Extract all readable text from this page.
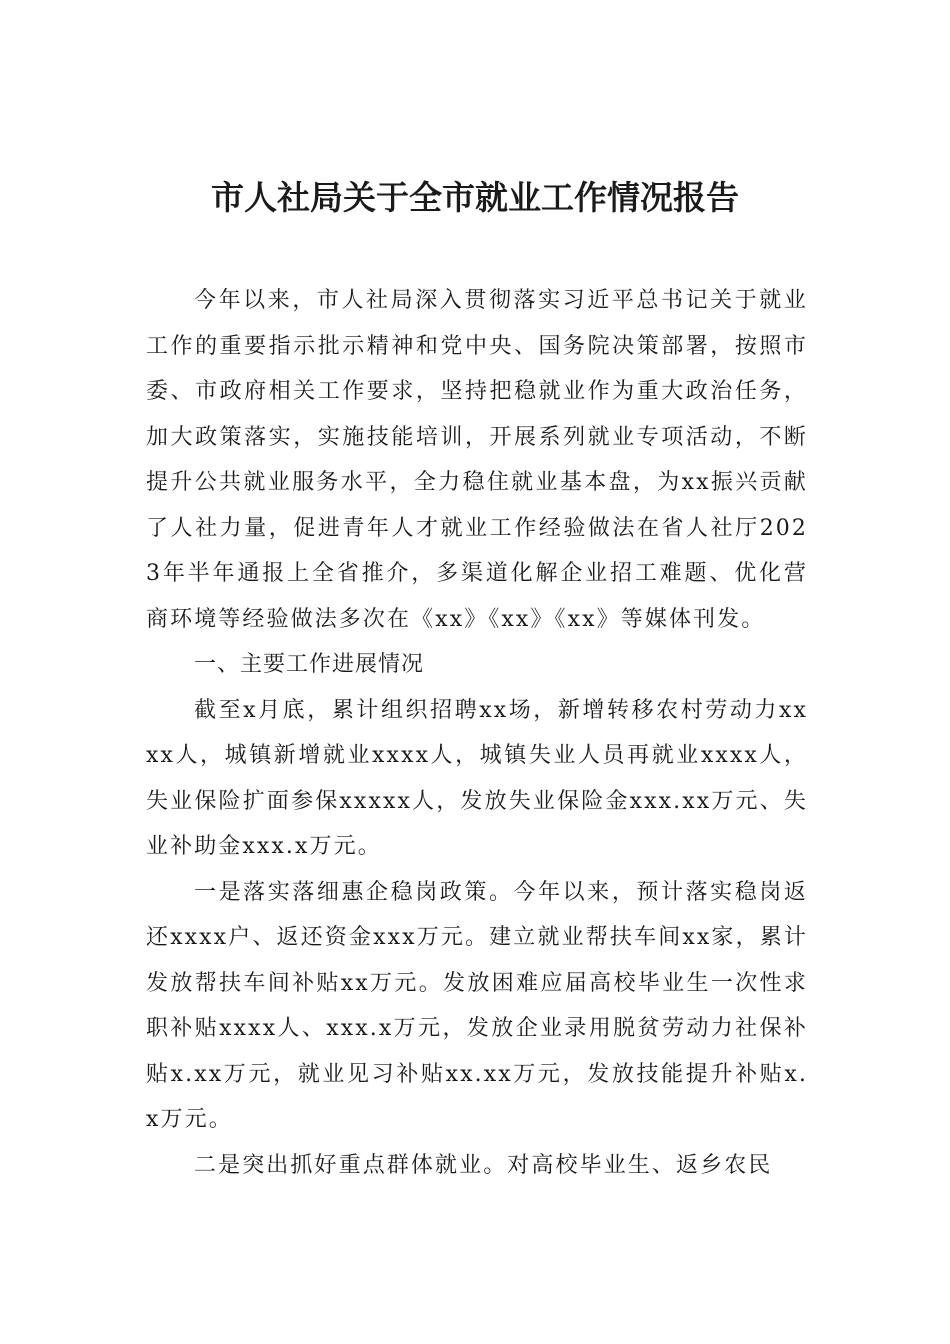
市人社局关于全市就业工作情况报告

今年以来，市人社局深入贯彻落实习近平总书记关于就业工作的重要指示批示精神和党中央、国务院决策部署，按照市委、市政府相关工作要求，坚持把稳就业作为重大政治任务，加大政策落实，实施技能培训，开展系列就业专项活动，不断提升公共就业服务水平，全力稳住就业基本盘，为xx振兴贡献了人社力量，促进青年人才就业工作经验做法在省人社厅2023年半年通报上全省推介，多渠道化解企业招工难题、优化营商环境等经验做法多次在《xx》《xx》《xx》等媒体刊发。

一、主要工作进展情况

截至x月底，累计组织招聘xx场，新增转移农村劳动力xxxx人，城镇新增就业xxxx人，城镇失业人员再就业xxxx人，失业保险扩面参保xxxxx人，发放失业保险金xxx.xx万元、失业补助金xxx.x万元。

一是落实落细惠企稳岗政策。今年以来，预计落实稳岗返还xxxx户、返还资金xxx万元。建立就业帮扶车间xx家，累计发放帮扶车间补贴xx万元。发放困难应届高校毕业生一次性求职补贴xxxx人、xxx.x万元，发放企业录用脱贫劳动力社保补贴x.xx万元，就业见习补贴xx.xx万元，发放技能提升补贴x.x万元。

二是突出抓好重点群体就业。对高校毕业生、返乡农民
